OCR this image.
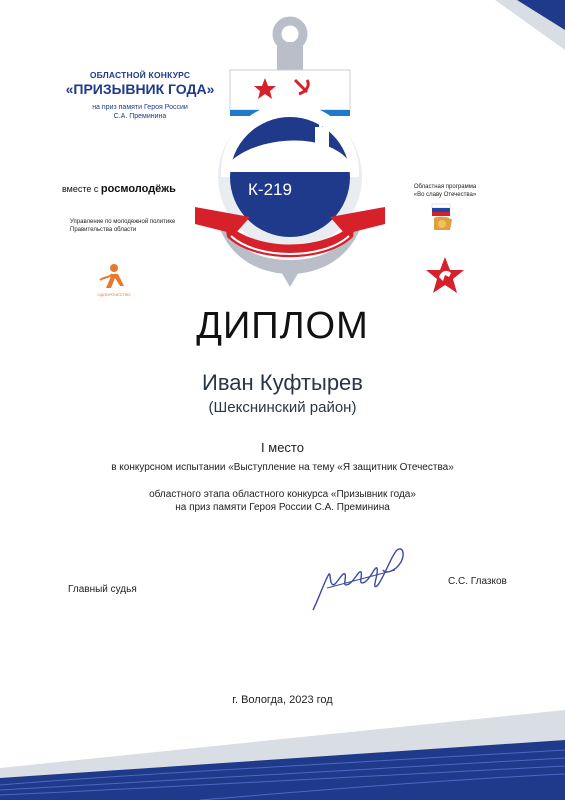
ОБЛАСТНОЙ КОНКУРС
«ПРИЗЫВНИК ГОДА»
на приз памяти Героя России
С.А. Преминина
вместе с росмолодёжь
Управление по молодежной политике
Правительства области
Областная программа
«Во славу Отечества»
ОДОБРОЧЕСТВО
К-219
ДИПЛОМ
Иван Куфтырев
(Шекснинский район)
I место
в конкурсном испытании «Выступление на тему «Я защитник Отечества»
областного этапа областного конкурса «Призывник года»
на приз памяти Героя России С.А. Преминина
Главный судья
С.С. Глазков
г. Вологда, 2023 год
